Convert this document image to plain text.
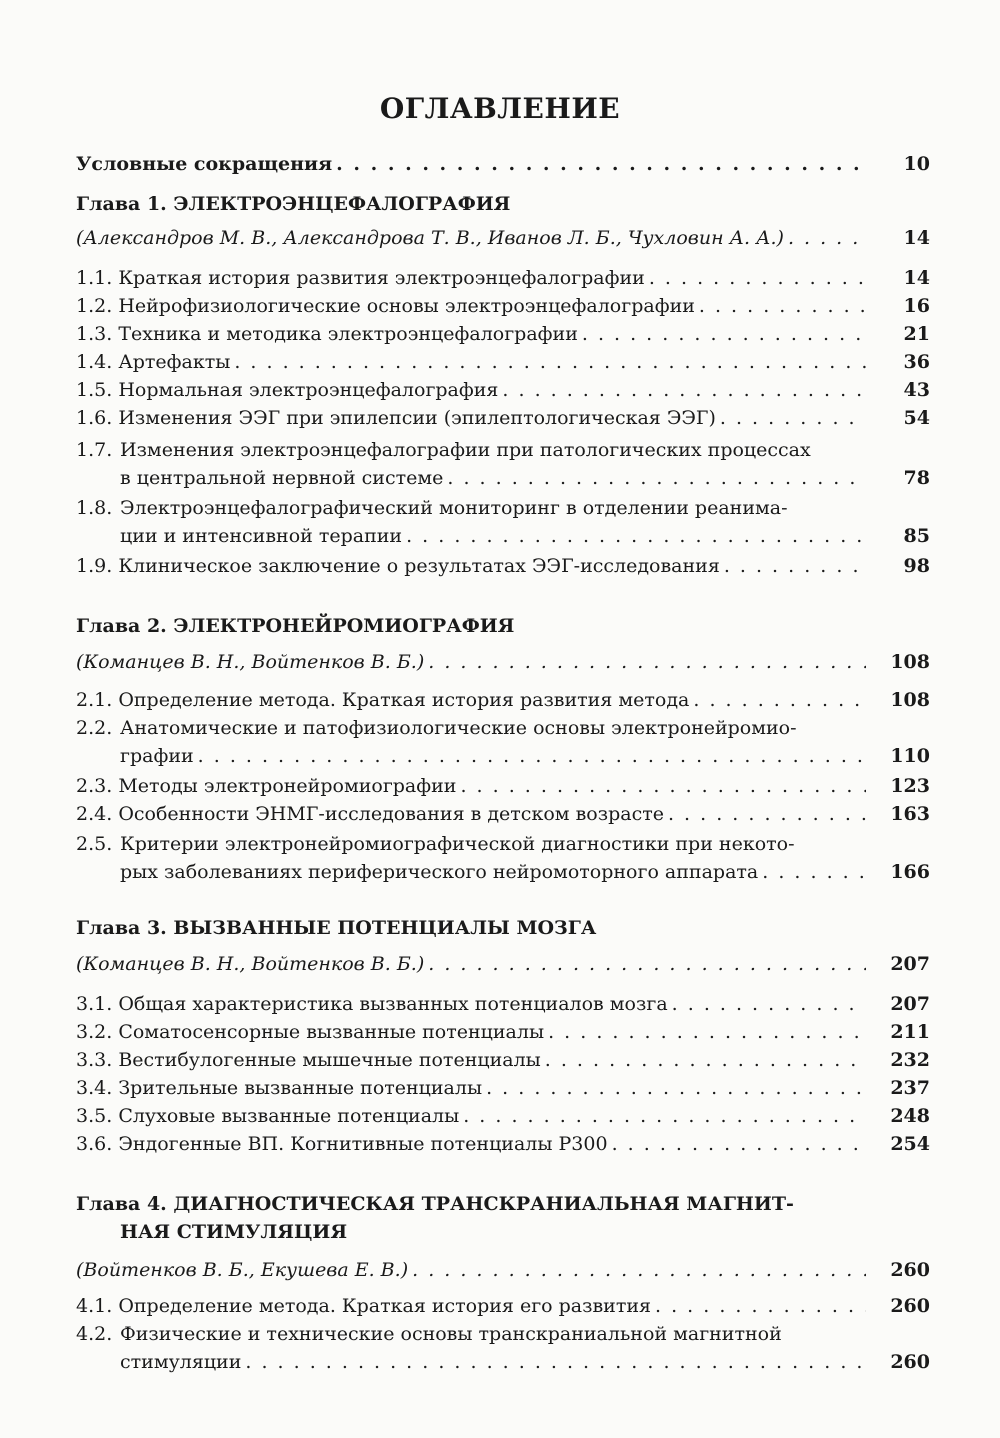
ОГЛАВЛЕНИЕ
Условные сокращения . . .	10
Глава 1. ЭЛЕКТРОЭНЦЕФАЛОГРАФИЯ
(Александров М. В., Александрова Т. В., Иванов Л. Б., Чухловин А. А.) . . .	14
1.1. Краткая история развития электроэнцефалографии . . .	14
1.2. Нейрофизиологические основы электроэнцефалографии . . .	16
1.3. Техника и методика электроэнцефалографии . . .	21
1.4. Артефакты . . .	36
1.5. Нормальная электроэнцефалография . . .	43
1.6. Изменения ЭЭГ при эпилепсии (эпилептологическая ЭЭГ) . . .	54
1.7. Изменения электроэнцефалографии при патологических процессах
в центральной нервной системе . . .	78
1.8. Электроэнцефалографический мониторинг в отделении реанима-
ции и интенсивной терапии . . .	85
1.9. Клиническое заключение о результатах ЭЭГ-исследования . . .	98
Глава 2. ЭЛЕКТРОНЕЙРОМИОГРАФИЯ
(Команцев В. Н., Войтенков В. Б.) . . .	108
2.1. Определение метода. Краткая история развития метода . . .	108
2.2. Анатомические и патофизиологические основы электронейромио-
графии . . .	110
2.3. Методы электронейромиографии . . .	123
2.4. Особенности ЭНМГ-исследования в детском возрасте . . .	163
2.5. Критерии электронейромиографической диагностики при некото-
рых заболеваниях периферического нейромоторного аппарата . . .	166
Глава 3. ВЫЗВАННЫЕ ПОТЕНЦИАЛЫ МОЗГА
(Команцев В. Н., Войтенков В. Б.) . . .	207
3.1. Общая характеристика вызванных потенциалов мозга . . .	207
3.2. Соматосенсорные вызванные потенциалы . . .	211
3.3. Вестибулогенные мышечные потенциалы . . .	232
3.4. Зрительные вызванные потенциалы . . .	237
3.5. Слуховые вызванные потенциалы . . .	248
3.6. Эндогенные ВП. Когнитивные потенциалы Р300 . . .	254
Глава 4. ДИАГНОСТИЧЕСКАЯ ТРАНСКРАНИАЛЬНАЯ МАГНИТ-
НАЯ СТИМУЛЯЦИЯ
(Войтенков В. Б., Екушева Е. В.) . . .	260
4.1. Определение метода. Краткая история его развития . . .	260
4.2. Физические и технические основы транскраниальной магнитной
стимуляции . . .	260
